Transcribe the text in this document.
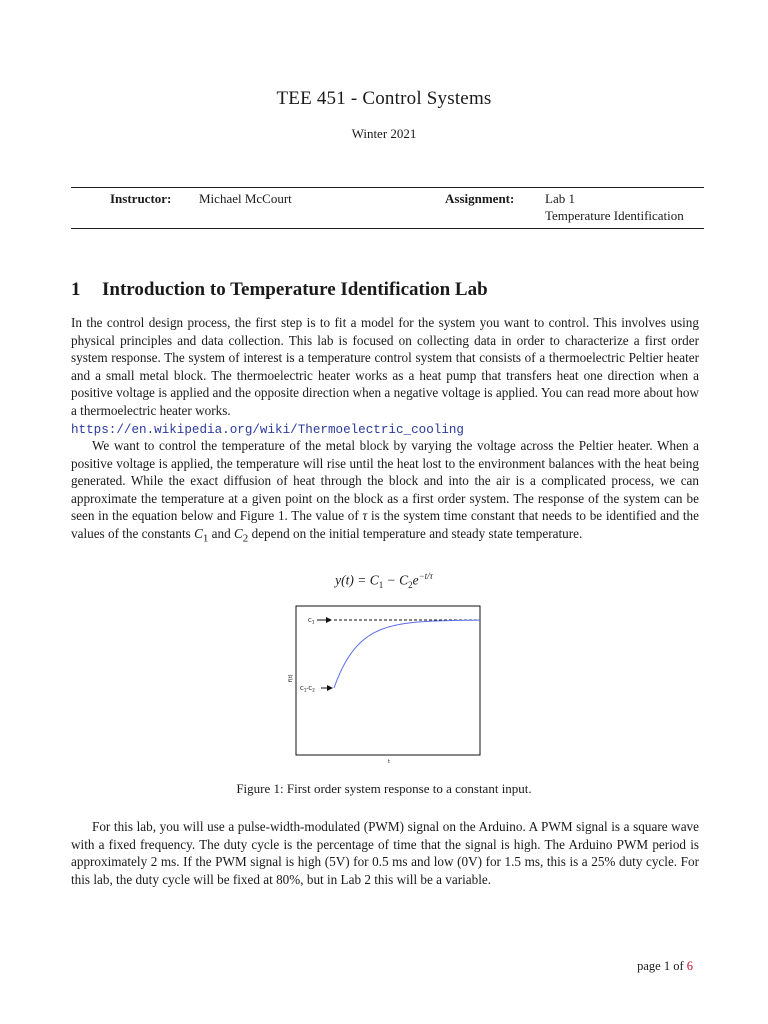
TEE 451 - Control Systems
Winter 2021
Instructor: Michael McCourt	Assignment: Lab 1
Temperature Identification
1 Introduction to Temperature Identification Lab

In the control design process, the first step is to fit a model for the system you want to control. This involves using physical principles and data collection. This lab is focused on collecting data in order to characterize a first order system response. The system of interest is a temperature control system that consists of a thermoelectric Peltier heater and a small metal block. The thermoelectric heater works as a heat pump that transfers heat one direction when a positive voltage is applied and the opposite direction when a negative voltage is applied. You can read more about how a thermoelectric heater works.
https://en.wikipedia.org/wiki/Thermoelectric_cooling

We want to control the temperature of the metal block by varying the voltage across the Peltier heater. When a positive voltage is applied, the temperature will rise until the heat lost to the environment balances with the heat being generated. While the exact diffusion of heat through the block and into the air is a complicated process, we can approximate the temperature at a given point on the block as a first order system. The response of the system can be seen in the equation below and Figure 1. The value of τ is the system time constant that needs to be identified and the values of the constants $C_1$ and $C_2$ depend on the initial temperature and steady state temperature.

$y(t) = C_1 - C_2e^{-t/\tau}$
$C_1$
$C_1-C_2$
f(t)
t
Figure 1: First order system response to a constant input.

For this lab, you will use a pulse-width-modulated (PWM) signal on the Arduino. A PWM signal is a square wave with a fixed frequency. The duty cycle is the percentage of time that the signal is high. The Arduino PWM period is approximately 2 ms. If the PWM signal is high (5V) for 0.5 ms and low (0V) for 1.5 ms, this is a 25% duty cycle. For this lab, the duty cycle will be fixed at 80%, but in Lab 2 this will be a variable.

page 1 of 6
